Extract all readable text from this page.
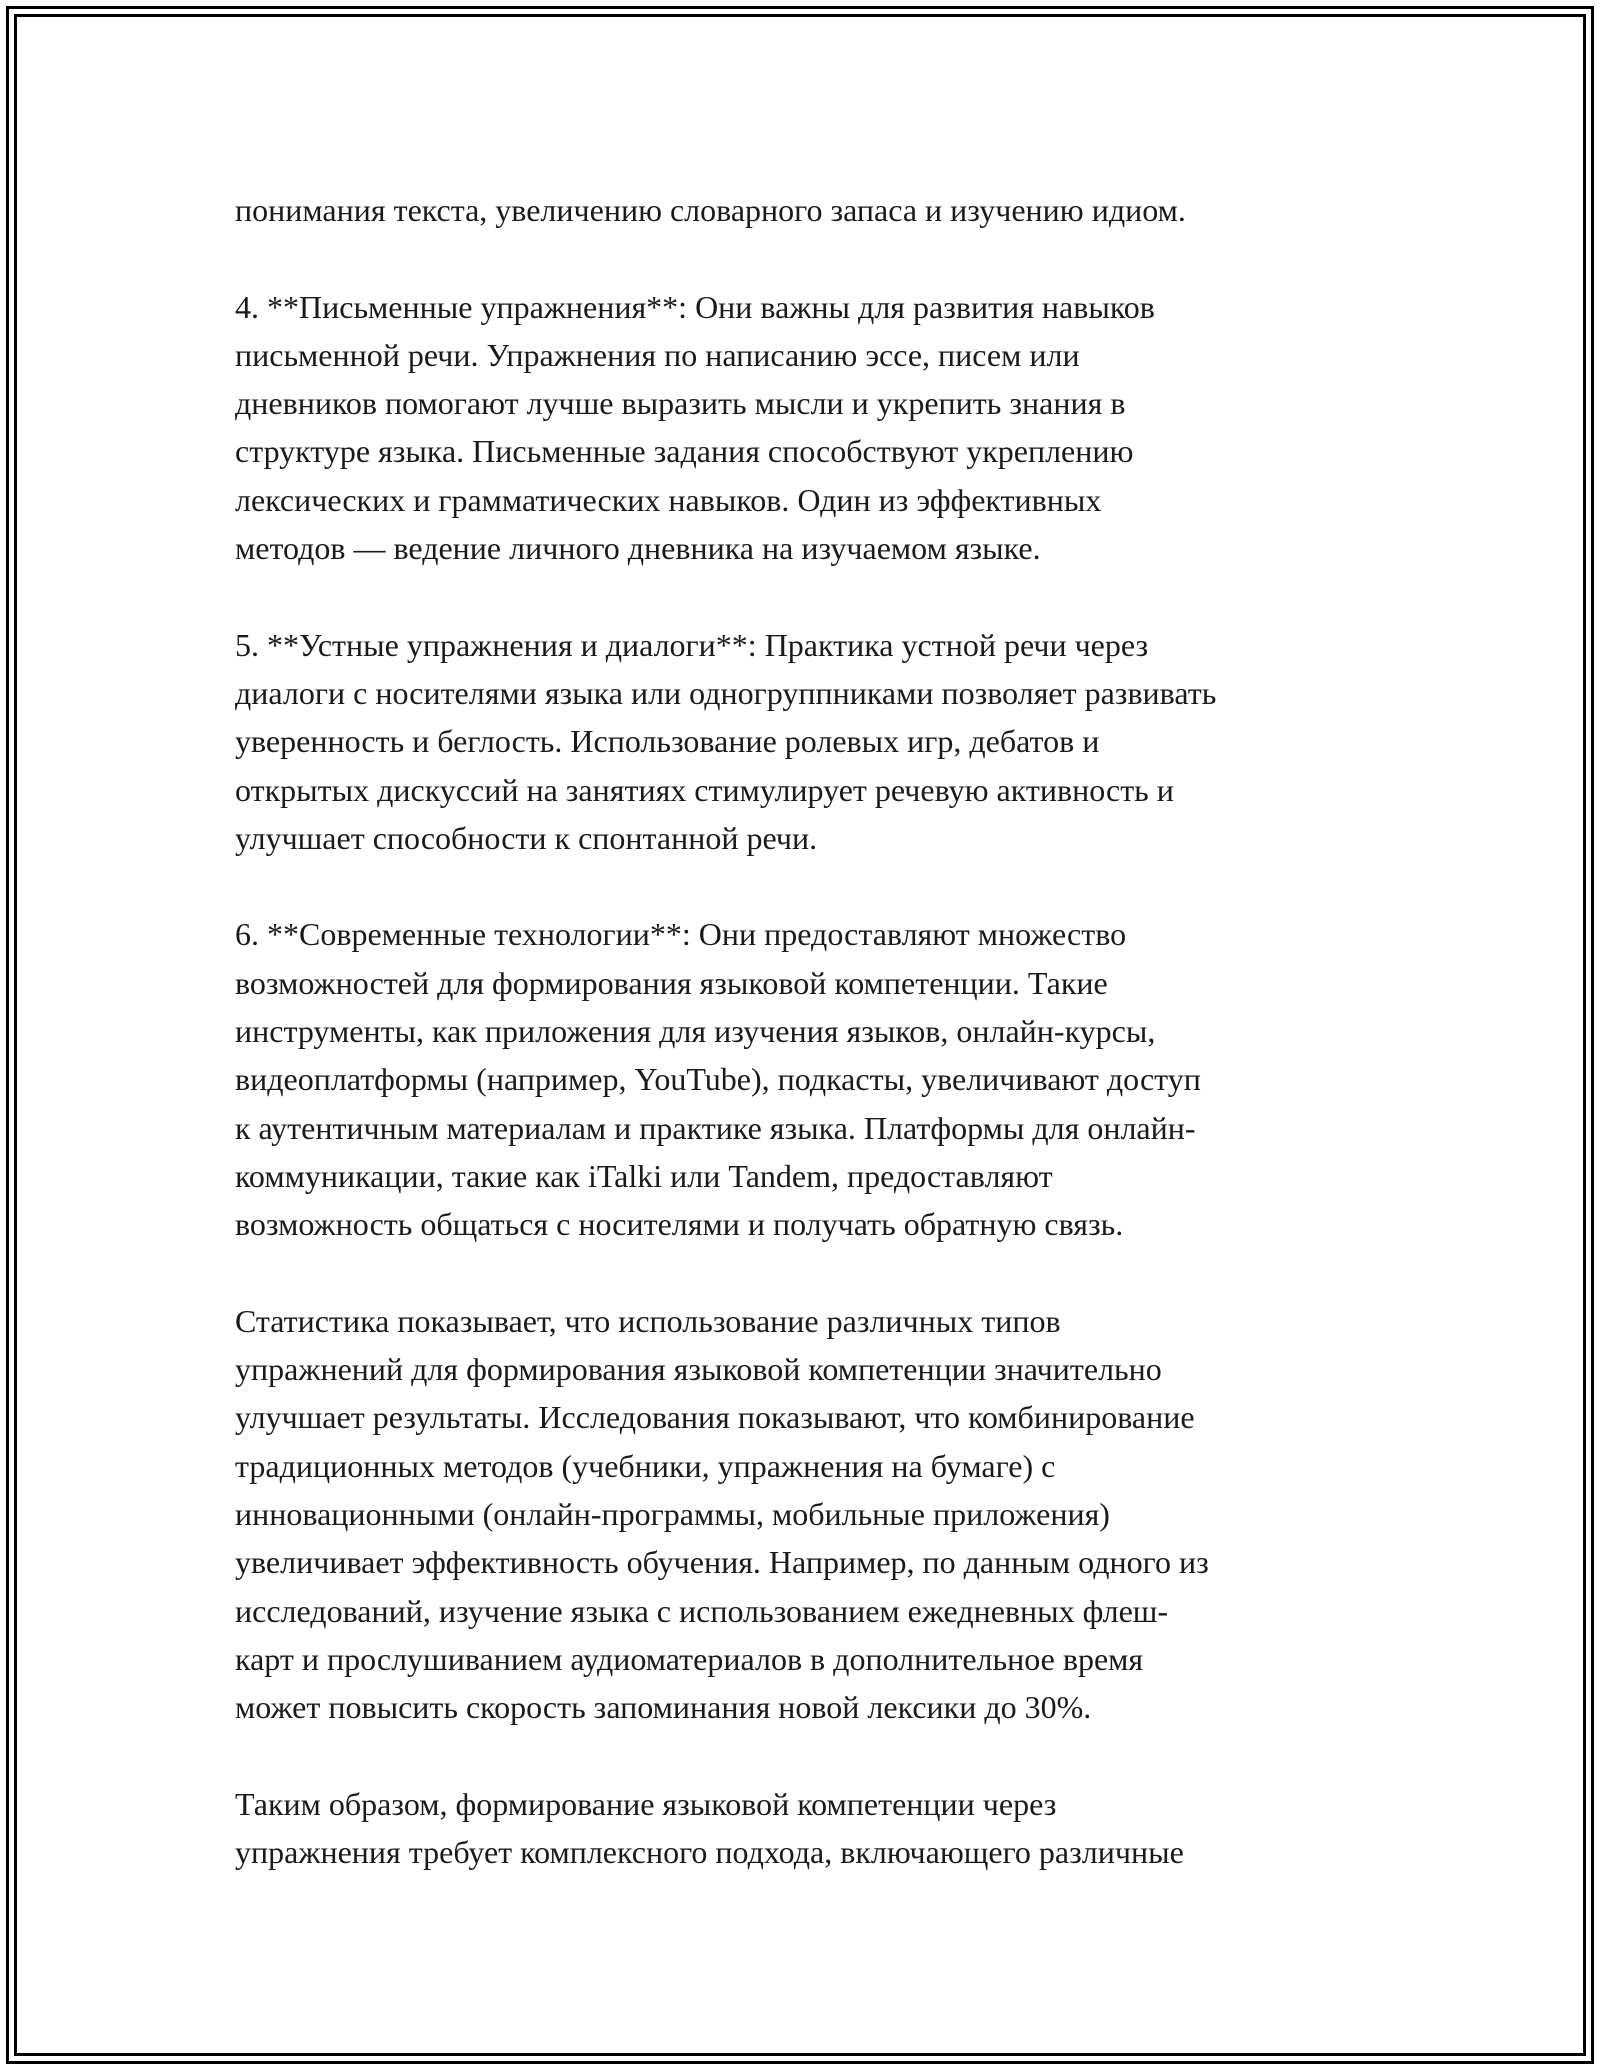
понимания текста, увеличению словарного запаса и изучению идиом.

4. **Письменные упражнения**: Они важны для развития навыков
письменной речи. Упражнения по написанию эссе, писем или
дневников помогают лучше выразить мысли и укрепить знания в
структуре языка. Письменные задания способствуют укреплению
лексических и грамматических навыков. Один из эффективных
методов — ведение личного дневника на изучаемом языке.

5. **Устные упражнения и диалоги**: Практика устной речи через
диалоги с носителями языка или одногруппниками позволяет развивать
уверенность и беглость. Использование ролевых игр, дебатов и
открытых дискуссий на занятиях стимулирует речевую активность и
улучшает способности к спонтанной речи.

6. **Современные технологии**: Они предоставляют множество
возможностей для формирования языковой компетенции. Такие
инструменты, как приложения для изучения языков, онлайн-курсы,
видеоплатформы (например, YouTube), подкасты, увеличивают доступ
к аутентичным материалам и практике языка. Платформы для онлайн-
коммуникации, такие как iTalki или Tandem, предоставляют
возможность общаться с носителями и получать обратную связь.

Статистика показывает, что использование различных типов
упражнений для формирования языковой компетенции значительно
улучшает результаты. Исследования показывают, что комбинирование
традиционных методов (учебники, упражнения на бумаге) с
инновационными (онлайн-программы, мобильные приложения)
увеличивает эффективность обучения. Например, по данным одного из
исследований, изучение языка с использованием ежедневных флеш-
карт и прослушиванием аудиоматериалов в дополнительное время
может повысить скорость запоминания новой лексики до 30%.

Таким образом, формирование языковой компетенции через
упражнения требует комплексного подхода, включающего различные
